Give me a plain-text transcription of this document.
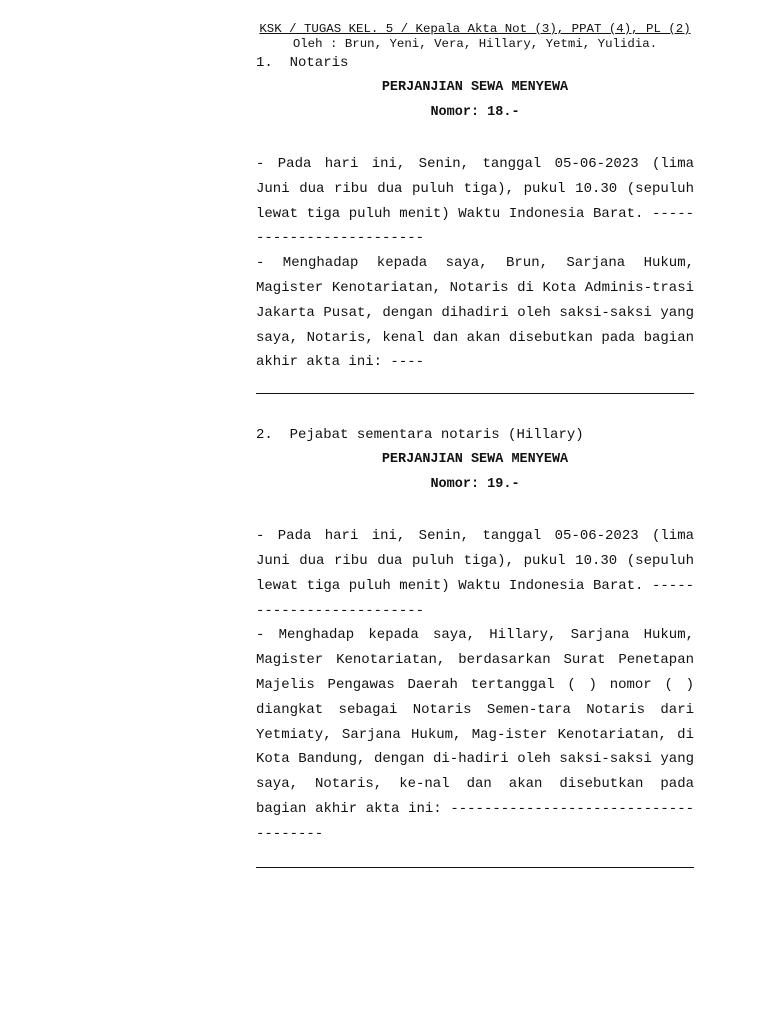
KSK / TUGAS KEL. 5 / Kepala Akta Not (3), PPAT (4), PL (2)

Oleh : Brun, Yeni, Vera, Hillary, Yetmi, Yulidia.

1.  Notaris

PERJANJIAN SEWA MENYEWA

Nomor: 18.-

- Pada hari ini, Senin, tanggal 05-06-2023 (lima Juni dua ribu dua puluh tiga), pukul 10.30 (sepuluh lewat tiga puluh menit) Waktu Indonesia Barat. -------------------------

- Menghadap kepada saya, Brun, Sarjana Hukum, Magister Kenotariatan, Notaris di Kota Adminis-trasi Jakarta Pusat, dengan dihadiri oleh saksi-saksi yang saya, Notaris, kenal dan akan disebutkan pada bagian akhir akta ini: ----

2.  Pejabat sementara notaris (Hillary)

PERJANJIAN SEWA MENYEWA

Nomor: 19.-

- Pada hari ini, Senin, tanggal 05-06-2023 (lima Juni dua ribu dua puluh tiga), pukul 10.30 (sepuluh lewat tiga puluh menit) Waktu Indonesia Barat. -------------------------

- Menghadap kepada saya, Hillary, Sarjana Hukum, Magister Kenotariatan, berdasarkan Surat Penetapan Majelis Pengawas Daerah tertanggal ( ) nomor ( ) diangkat sebagai Notaris Semen-tara Notaris dari Yetmiaty, Sarjana Hukum, Mag-ister Kenotariatan, di Kota Bandung, dengan di-hadiri oleh saksi-saksi yang saya, Notaris, ke-nal dan akan disebutkan pada bagian akhir akta ini: -------------------------------------
